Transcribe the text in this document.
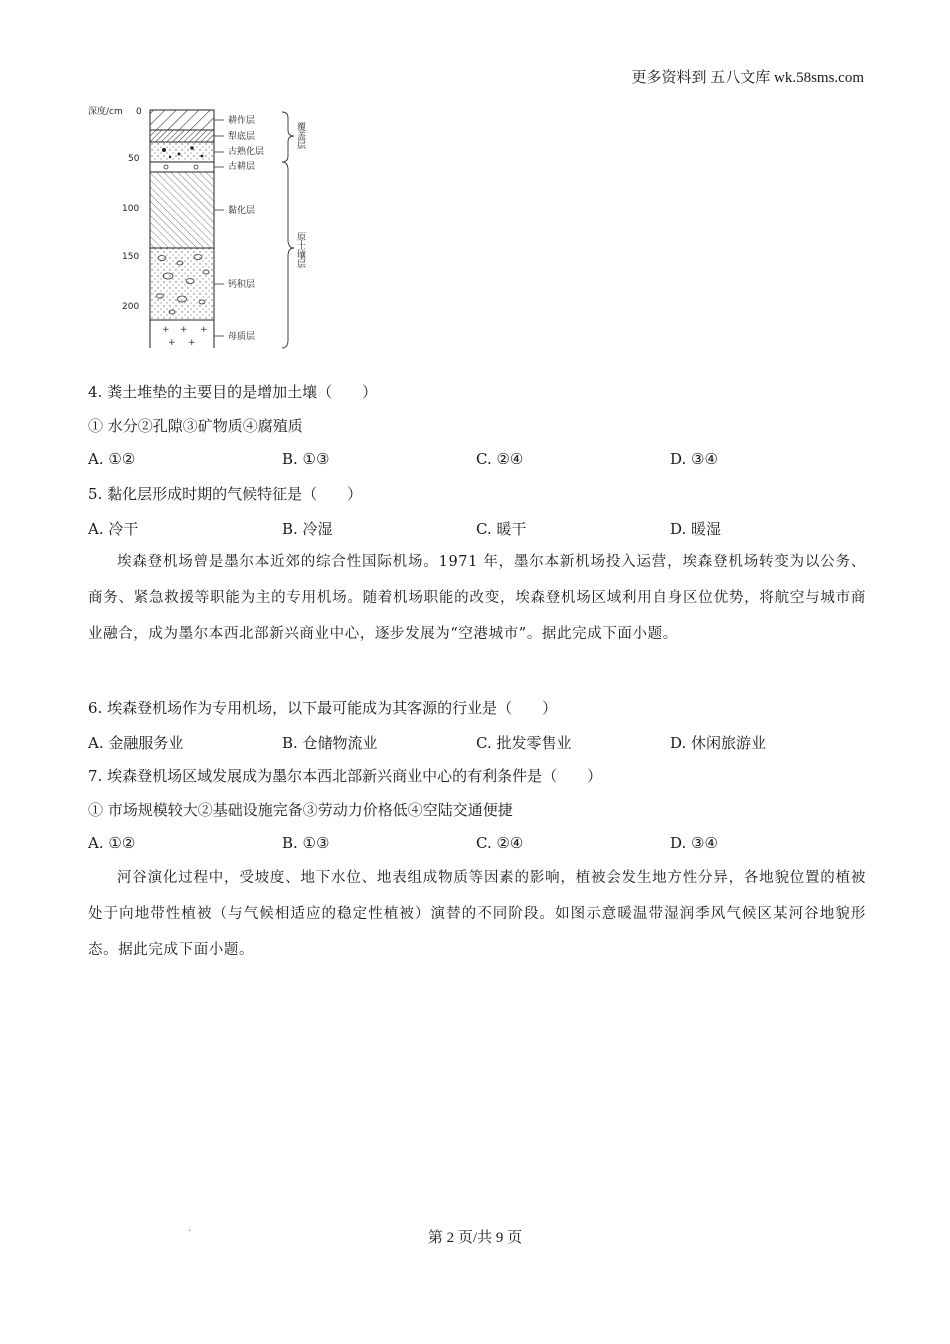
更多资料到 五八文库 wk.58sms.com
深度/cm 0
50
100
150
200
+ + +
+ +
耕作层
犁底层
古熟化层
古耕层
黏化层
钙积层
母质层
覆盖层
原土壤层
4. 粪土堆垫的主要目的是增加土壤（　　）
① 水分②孔隙③矿物质④腐殖质
A. ①②	B. ①③	C. ②④	D. ③④
5. 黏化层形成时期的气候特征是（　　）
A. 冷干	B. 冷湿	C. 暖干	D. 暖湿
埃森登机场曾是墨尔本近郊的综合性国际机场。1971 年，墨尔本新机场投入运营，埃森登机场转变为以公务、商务、紧急救援等职能为主的专用机场。随着机场职能的改变，埃森登机场区域利用自身区位优势，将航空与城市商业融合，成为墨尔本西北部新兴商业中心，逐步发展为“空港城市”。据此完成下面小题。
6. 埃森登机场作为专用机场，以下最可能成为其客源的行业是（　　）
A. 金融服务业	B. 仓储物流业	C. 批发零售业	D. 休闲旅游业
7. 埃森登机场区域发展成为墨尔本西北部新兴商业中心的有利条件是（　　）
① 市场规模较大②基础设施完备③劳动力价格低④空陆交通便捷
A. ①②	B. ①③	C. ②④	D. ③④
河谷演化过程中，受坡度、地下水位、地表组成物质等因素的影响，植被会发生地方性分异，各地貌位置的植被处于向地带性植被（与气候相适应的稳定性植被）演替的不同阶段。如图示意暖温带湿润季风气候区某河谷地貌形态。据此完成下面小题。
·	第 2 页/共 9 页
